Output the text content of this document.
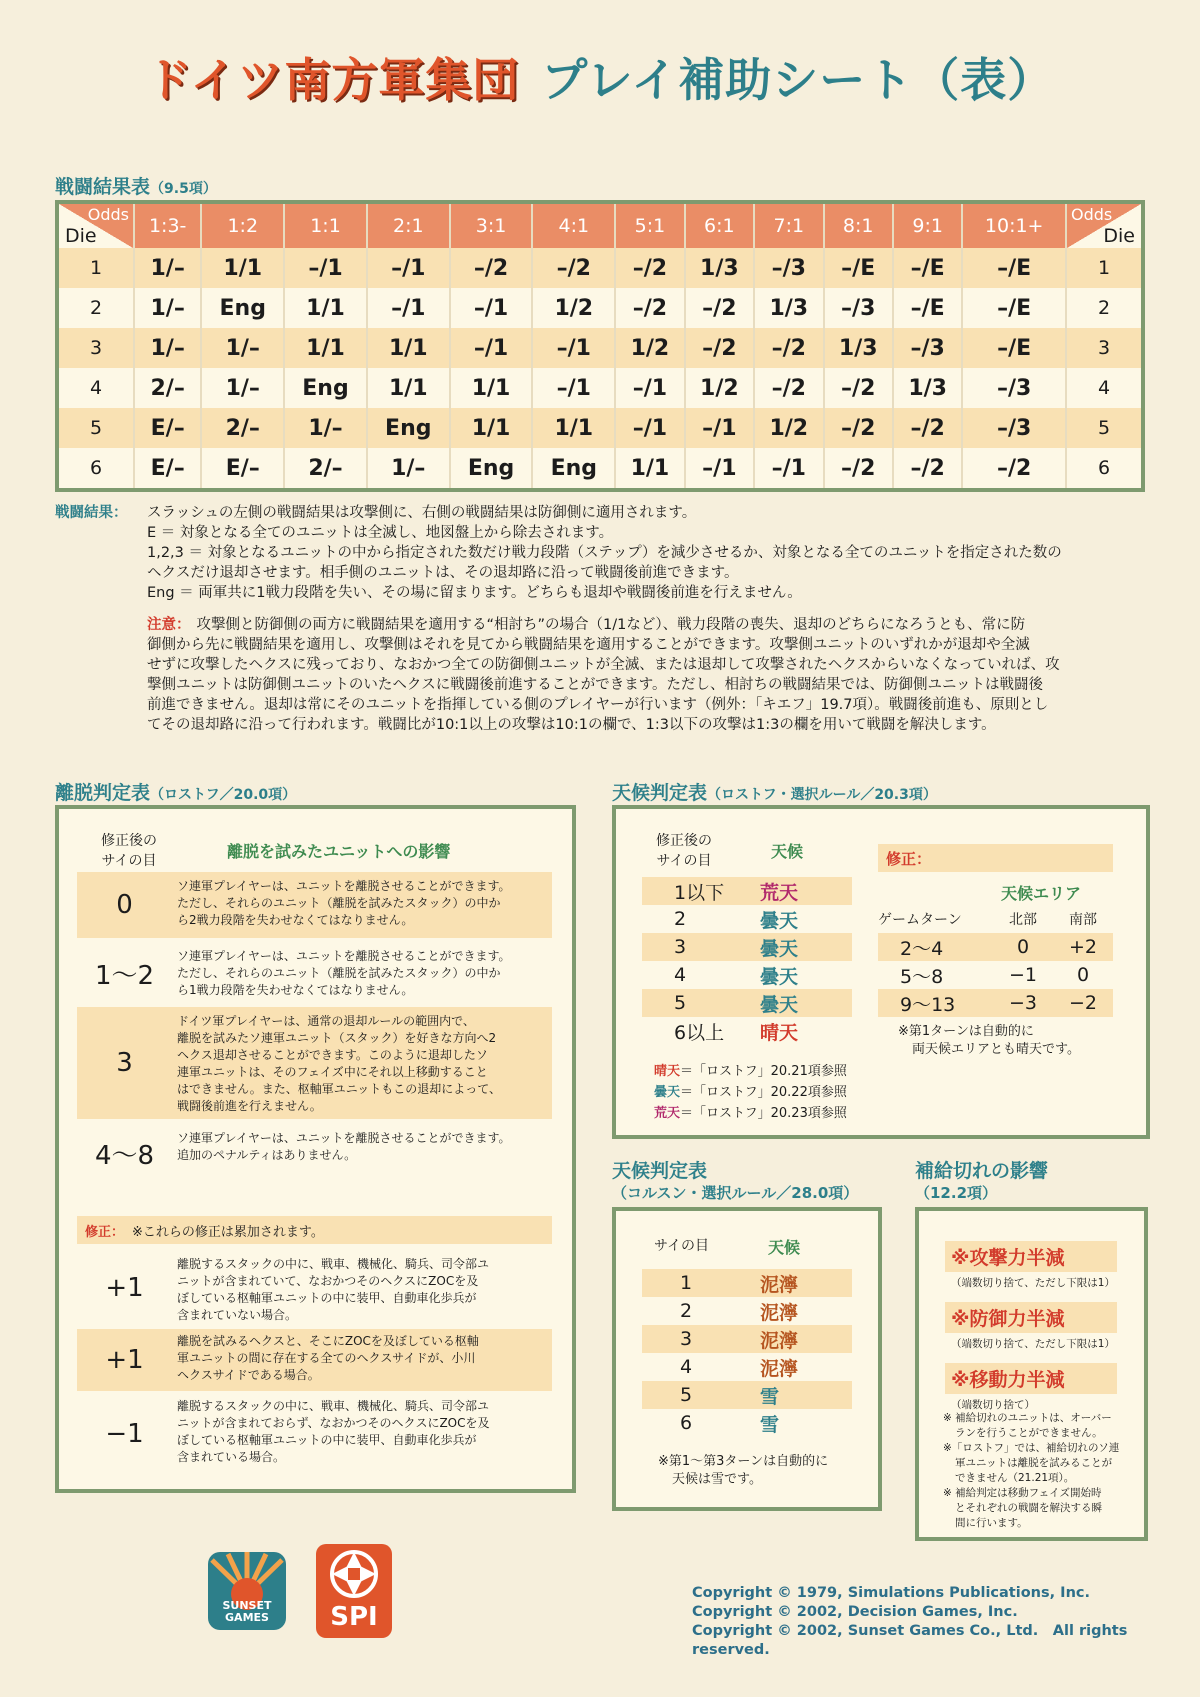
ドイツ南方軍集団 プレイ補助シート（表）
戦闘結果表（9.5項）
Odds
Die	1:3-	1:2	1:1	2:1	3:1	4:1	5:1	6:1	7:1	8:1	9:1	10:1+	Odds
Die

1	1/–	1/1	–/1	–/1	–/2	–/2	–/2	1/3	–/3	–/E	–/E	–/E	1
2	1/–	Eng	1/1	–/1	–/1	1/2	–/2	–/2	1/3	–/3	–/E	–/E	2
3	1/–	1/–	1/1	1/1	–/1	–/1	1/2	–/2	–/2	1/3	–/3	–/E	3
4	2/–	1/–	Eng	1/1	1/1	–/1	–/1	1/2	–/2	–/2	1/3	–/3	4
5	E/–	2/–	1/–	Eng	1/1	1/1	–/1	–/1	1/2	–/2	–/2	–/3	5
6	E/–	E/–	2/–	1/–	Eng	Eng	1/1	–/1	–/1	–/2	–/2	–/2	6
戦闘結果： スラッシュの左側の戦闘結果は攻撃側に、右側の戦闘結果は防御側に適用されます。
E ＝ 対象となる全てのユニットは全滅し、地図盤上から除去されます。
1,2,3 ＝ 対象となるユニットの中から指定された数だけ戦力段階（ステップ）を減少させるか、対象となる全てのユニットを指定された数の
ヘクスだけ退却させます。相手側のユニットは、その退却路に沿って戦闘後前進できます。
Eng ＝ 両軍共に1戦力段階を失い、その場に留まります。どちらも退却や戦闘後前進を行えません。
注意： 攻撃側と防御側の両方に戦闘結果を適用する“相討ち”の場合（1/1など）、戦力段階の喪失、退却のどちらになろうとも、常に防
御側から先に戦闘結果を適用し、攻撃側はそれを見てから戦闘結果を適用することができます。攻撃側ユニットのいずれかが退却や全滅
せずに攻撃したヘクスに残っており、なおかつ全ての防御側ユニットが全滅、または退却して攻撃されたヘクスからいなくなっていれば、攻
撃側ユニットは防御側ユニットのいたヘクスに戦闘後前進することができます。ただし、相討ちの戦闘結果では、防御側ユニットは戦闘後
前進できません。退却は常にそのユニットを指揮している側のプレイヤーが行います（例外：「キエフ」19.7項）。戦闘後前進も、原則とし
てその退却路に沿って行われます。戦闘比が10:1以上の攻撃は10:1の欄で、1:3以下の攻撃は1:3の欄を用いて戦闘を解決します。
離脱判定表（ロストフ／20.0項）
修正後の
サイの目	離脱を試みたユニットへの影響
0
ソ連軍プレイヤーは、ユニットを離脱させることができます。
ただし、それらのユニット（離脱を試みたスタック）の中か
ら2戦力段階を失わせなくてはなりません。
1〜2
ソ連軍プレイヤーは、ユニットを離脱させることができます。
ただし、それらのユニット（離脱を試みたスタック）の中か
ら1戦力段階を失わせなくてはなりません。
3
ドイツ軍プレイヤーは、通常の退却ルールの範囲内で、
離脱を試みたソ連軍ユニット（スタック）を好きな方向へ2
ヘクス退却させることができます。このように退却したソ
連軍ユニットは、そのフェイズ中にそれ以上移動すること
はできません。また、枢軸軍ユニットもこの退却によって、
戦闘後前進を行えません。
4〜8
ソ連軍プレイヤーは、ユニットを離脱させることができます。
追加のペナルティはありません。
修正： ※これらの修正は累加されます。
+1
離脱するスタックの中に、戦車、機械化、騎兵、司令部ユ
ニットが含まれていて、なおかつそのヘクスにZOCを及
ぼしている枢軸軍ユニットの中に装甲、自動車化歩兵が
含まれていない場合。
+1
離脱を試みるヘクスと、そこにZOCを及ぼしている枢軸
軍ユニットの間に存在する全てのヘクスサイドが、小川
ヘクスサイドである場合。
−1
離脱するスタックの中に、戦車、機械化、騎兵、司令部ユ
ニットが含まれておらず、なおかつそのヘクスにZOCを及
ぼしている枢軸軍ユニットの中に装甲、自動車化歩兵が
含まれている場合。
天候判定表（ロストフ・選択ルール／20.3項）
修正後の
サイの目	天候
1以下	荒天
2	曇天
3	曇天
4	曇天
5	曇天
6以上	晴天
晴天＝「ロストフ」20.21項参照
曇天＝「ロストフ」20.22項参照
荒天＝「ロストフ」20.23項参照
修正：
天候エリア
ゲームターン	北部	南部
2〜4	0	+2
5〜8	−1	0
9〜13	−3	−2
※第1ターンは自動的に
両天候エリアとも晴天です。
天候判定表
（コルスン・選択ルール／28.0項）
サイの目	天候
1	泥濘
2	泥濘
3	泥濘
4	泥濘
5	雪
6	雪
※第1〜第3ターンは自動的に
天候は雪です。
補給切れの影響
（12.2項）
※攻撃力半減
（端数切り捨て、ただし下限は1）
※防御力半減
（端数切り捨て、ただし下限は1）
※移動力半減
（端数切り捨て）
※ 補給切れのユニットは、オーバー
ランを行うことができません。
※「ロストフ」では、補給切れのソ連
軍ユニットは離脱を試みることが
できません（21.21項）。
※ 補給判定は移動フェイズ開始時
とそれぞれの戦闘を解決する瞬
間に行います。
SUNSET
GAMES	SPI
Copyright © 1979, Simulations Publications, Inc.
Copyright © 2002, Decision Games, Inc.
Copyright © 2002, Sunset Games Co., Ltd.　All rights reserved.
